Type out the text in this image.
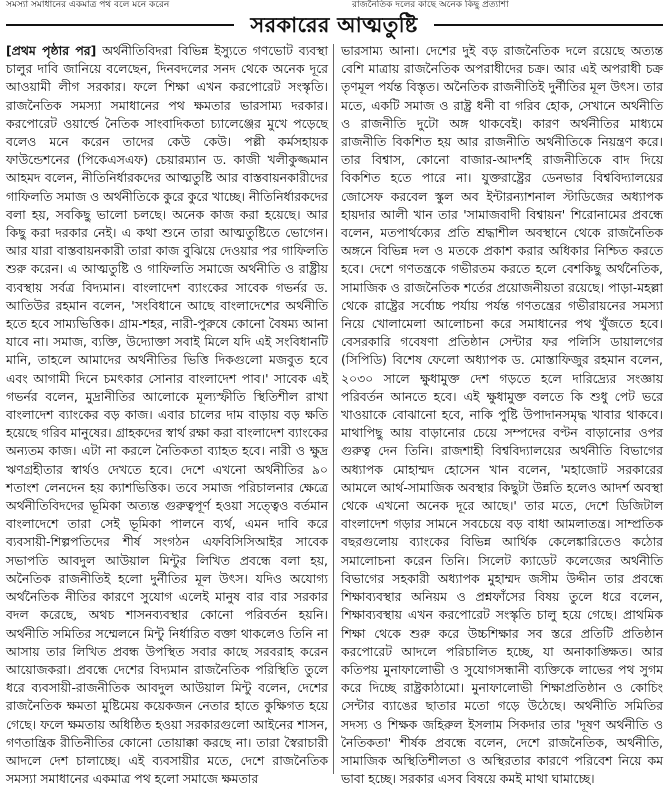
সমস্যা সমাধানের একমাত্র পথ বলে মনে করেন	রাজনৈতিক দলের কাছে অনেক কিছু প্রত্যাশা
সরকারের আত্মতুষ্টি

[প্রথম পৃষ্ঠার পর] অর্থনীতিবিদরা বিভিন্ন ইস্যুতে গণভোট ব্যবস্থা চালুর দাবি জানিয়ে বলেছেন, দিনবদলের সনদ থেকে অনেক দূরে আওয়ামী লীগ সরকার। ফলে শিক্ষা এখন করপোরেট সংস্কৃতি। রাজনৈতিক সমস্যা সমাধানের পথ ক্ষমতার ভারসাম্য দরকার। করপোরেট ওয়ার্ল্ডে নৈতিক সাংবাদিকতা চ্যালেঞ্জের মুখে পড়েছে বলেও মনে করেন তাদের কেউ কেউ। পল্লী কর্মসহায়ক ফাউন্ডেশনের (পিকেএসএফ) চেয়ারম্যান ড. কাজী খলীকুজ্জমান আহমদ বলেন, নীতিনির্ধারকদের আত্মতুষ্টি আর বাস্তবায়নকারীদের গাফিলতি সমাজ ও অর্থনীতিকে কুরে কুরে খাচ্ছে। নীতিনির্ধারকদের বলা হয়, সবকিছু ভালো চলছে। অনেক কাজ করা হয়েছে। আর কিছু করা দরকার নেই। এ কথা শুনে তারা আত্মতুষ্টিতে ভোগেন। আর যারা বাস্তবায়নকারী তারা কাজ বুঝিয়ে দেওয়ার পর গাফিলতি শুরু করেন। এ আত্মতুষ্টি ও গাফিলতি সমাজে অর্থনীতি ও রাষ্ট্রীয় ব্যবস্থায় সর্বত্র বিদ্যমান। বাংলাদেশ ব্যাংকের সাবেক গভর্নর ড. আতিউর রহমান বলেন, 'সংবিধানে আছে বাংলাদেশের অর্থনীতি হতে হবে সাম্যভিত্তিক। গ্রাম-শহর, নারী-পুরুষে কোনো বৈষম্য আনা যাবে না। সমাজ, ব্যক্তি, উদ্যোক্তা সবাই মিলে যদি এই সংবিধানটি মানি, তাহলে আমাদের অর্থনীতির ভিত্তি দিকগুলো মজবুত হবে এবং আগামী দিনে চমৎকার সোনার বাংলাদেশ পাব।' সাবেক এই গভর্নর বলেন, মুদ্রানীতির আলোকে মূল্যস্ফীতি স্থিতিশীল রাখা বাংলাদেশ ব্যাংকের বড় কাজ। এবার চালের দাম বাড়ায় বড় ক্ষতি হয়েছে গরিব মানুষের। গ্রাহকদের স্বার্থ রক্ষা করা বাংলাদেশ ব্যাংকের অন্যতম কাজ। এটা না করলে নৈতিকতা ব্যাহত হবে। নারী ও ক্ষুদ্র ঋণগ্রহীতার স্বার্থও দেখতে হবে। দেশে এখনো অর্থনীতির ৯০ শতাংশ লেনদেন হয় ক্যাশভিত্তিক। তবে সমাজ পরিচালনার ক্ষেত্রে অর্থনীতিবিদদের ভূমিকা অত্যন্ত গুরুত্বপূর্ণ হওয়া সত্ত্বেও বর্তমান বাংলাদেশে তারা সেই ভূমিকা পালনে ব্যর্থ, এমন দাবি করে ব্যবসায়ী-শিল্পপতিদের শীর্ষ সংগঠন এফবিসিসিআইর সাবেক সভাপতি আবদুল আউয়াল মিন্টুর লিখিত প্রবন্ধে বলা হয়, অনৈতিক রাজনীতিই হলো দুর্নীতির মূল উৎস। যদিও অযোগ্য অর্থনৈতিক নীতির কারণে সুযোগ এলেই মানুষ বার বার সরকার বদল করেছে, অথচ শাসনব্যবস্থার কোনো পরিবর্তন হয়নি। অর্থনীতি সমিতির সম্মেলনে মিন্টু নির্ধারিত বক্তা থাকলেও তিনি না আসায় তার লিখিত প্রবন্ধ উপস্থিত সবার কাছে সরবরাহ করেন আয়োজকরা। প্রবন্ধে দেশের বিদ্যমান রাজনৈতিক পরিস্থিতি তুলে ধরে ব্যবসায়ী-রাজনীতিক আবদুল আউয়াল মিন্টু বলেন, দেশের রাজনৈতিক ক্ষমতা মুষ্টিমেয় কয়েকজন নেতার হাতে কুক্ষিগত হয়ে গেছে। ফলে ক্ষমতায় অধিষ্ঠিত হওয়া সরকারগুলো আইনের শাসন, গণতান্ত্রিক রীতিনীতির কোনো তোয়াক্কা করছে না। তারা স্বৈরাচারী আদলে দেশ চালাচ্ছে। এই ব্যবসায়ীর মতে, দেশে রাজনৈতিক সমস্যা সমাধানের একমাত্র পথ হলো সমাজে ক্ষমতার

ভারসাম্য আনা। দেশের দুই বড় রাজনৈতিক দলে রয়েছে অত্যন্ত বেশি মাত্রায় রাজনৈতিক অপরাধীদের চক্র। আর এই অপরাধী চক্র তৃণমূল পর্যন্ত বিস্তৃত। অনৈতিক রাজনীতিই দুর্নীতির মূল উৎস। তার মতে, একটি সমাজ ও রাষ্ট্র ধনী বা গরিব হোক, সেখানে অর্থনীতি ও রাজনীতি দুটো অঙ্গ থাকবেই। কারণ অর্থনীতির মাধ্যমে রাজনীতি বিকশিত হয় আর রাজনীতি অর্থনীতিকে নিয়ন্ত্রণ করে। তার বিশ্বাস, কোনো বাজার-আদর্শই রাজনীতিকে বাদ দিয়ে বিকশিত হতে পারে না। যুক্তরাষ্ট্রের ডেনভার বিশ্ববিদ্যালয়ের জোসেফ করবেল স্কুল অব ইন্টারন্যাশনাল স্টাডিজের অধ্যাপক হায়দার আলী খান তার 'সামাজবাদী বিশ্বায়ন' শিরোনামের প্রবন্ধে বলেন, মতপার্থক্যের প্রতি শ্রদ্ধাশীল অবস্থানে থেকে রাজনৈতিক অঙ্গনে বিভিন্ন দল ও মতকে প্রকাশ করার অধিকার নিশ্চিত করতে হবে। দেশে গণতন্ত্রকে গভীরতম করতে হলে বেশকিছু অর্থনৈতিক, সামাজিক ও রাজনৈতিক শর্তের প্রয়োজনীয়তা রয়েছে। পাড়া-মহল্লা থেকে রাষ্ট্রের সর্বোচ্চ পর্যায় পর্যন্ত গণতন্ত্রের গভীরায়নের সমস্যা নিয়ে খোলামেলা আলোচনা করে সমাধানের পথ খুঁজতে হবে। বেসরকারি গবেষণা প্রতিষ্ঠান সেন্টার ফর পলিসি ডায়ালগের (সিপিডি) বিশেষ ফেলো অধ্যাপক ড. মোস্তাফিজুর রহমান বলেন, ২০৩০ সালে ক্ষুধামুক্ত দেশ গড়তে হলে দারিদ্র্যের সংজ্ঞায় পরিবর্তন আনতে হবে। এই ক্ষুধামুক্ত বলতে কি শুধু পেট ভরে খাওয়াকে বোঝানো হবে, নাকি পুষ্টি উপাদানসমৃদ্ধ খাবার থাকবে। মাথাপিছু আয় বাড়ানোর চেয়ে সম্পদের বণ্টন বাড়ানোর ওপর গুরুত্ব দেন তিনি। রাজশাহী বিশ্ববিদ্যালয়ের অর্থনীতি বিভাগের অধ্যাপক মোহাম্মদ হোসেন খান বলেন, 'মহাজোট সরকারের আমলে আর্থ-সামাজিক অবস্থার কিছুটা উন্নতি হলেও আদর্শ অবস্থা থেকে এখনো অনেক দূরে আছে।' তার মতে, দেশে ডিজিটাল বাংলাদেশ গড়ার সামনে সবচেয়ে বড় বাধা আমলাতন্ত্র। সাম্প্রতিক বছরগুলোয় ব্যাংকের বিভিন্ন আর্থিক কেলেঙ্কারিতেও কঠোর সমালোচনা করেন তিনি। সিলেট ক্যাডেট কলেজের অর্থনীতি বিভাগের সহকারী অধ্যাপক মুহাম্মদ জসীম উদ্দীন তার প্রবন্ধে শিক্ষাব্যবস্থার অনিয়ম ও প্রশ্নফাঁসের বিষয় তুলে ধরে বলেন, শিক্ষাব্যবস্থায় এখন করপোরেট সংস্কৃতি চালু হয়ে গেছে। প্রাথমিক শিক্ষা থেকে শুরু করে উচ্চশিক্ষার সব স্তরে প্রতিটি প্রতিষ্ঠান করপোরেট আদলে পরিচালিত হচ্ছে, যা অনাকাঙ্ক্ষিত। আর কতিপয় মুনাফালোভী ও সুযোগসন্ধানী ব্যক্তিকে লাভের পথ সুগম করে দিচ্ছে রাষ্ট্রকাঠামো। মুনাফালোভী শিক্ষাপ্রতিষ্ঠান ও কোচিং সেন্টার ব্যাঙের ছাতার মতো গড়ে উঠেছে। অর্থনীতি সমিতির সদস্য ও শিক্ষক জহিরুল ইসলাম সিকদার তার 'দূষণ অর্থনীতি ও নৈতিকতা' শীর্ষক প্রবন্ধে বলেন, দেশে রাজনৈতিক, অর্থনীতি, সামাজিক অস্থিতিশীলতা ও অস্থিরতার কারণে পরিবেশ নিয়ে কম ভাবা হচ্ছে। সরকার এসব বিষয়ে কমই মাথা ঘামাচ্ছে।
